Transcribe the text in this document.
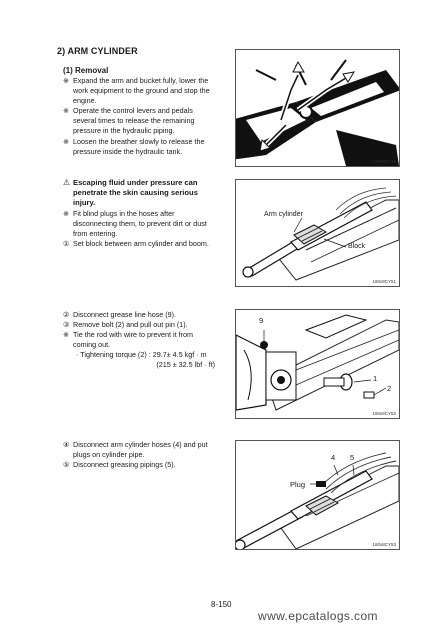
2) ARM CYLINDER
(1) Removal
※ Expand the arm and bucket fully, lower the work equipment to the ground and stop the engine.
※ Operate the control levers and pedals several times to release the remaining pressure in the hydraulic piping.
※ Loosen the breather slowly to release the pressure inside the hydraulic tank.
⚠ Escaping fluid under pressure can penetrate the skin causing serious injury.
※ Fit blind plugs in the hoses after disconnecting them, to prevent dirt or dust from entering.
① Set block between arm cylinder and boom.
② Disconnect grease line hose (9).
③ Remove bolt (2) and pull out pin (1).
※ Tie the rod with wire to prevent it from coming out.
· Tightening torque (2) : 29.7± 4.5 kgf · m
(215 ± 32.5 lbf · ft)
④ Disconnect arm cylinder hoses (4) and put plugs on cylinder pipe.
⑤ Disconnect greasing pipings (5).
130S8C215
Arm cylinder
Block
160x8CY51
9
1
2
160x8CY52
Plug
4 5
160x8CY53
8-150
www.epcatalogs.com
